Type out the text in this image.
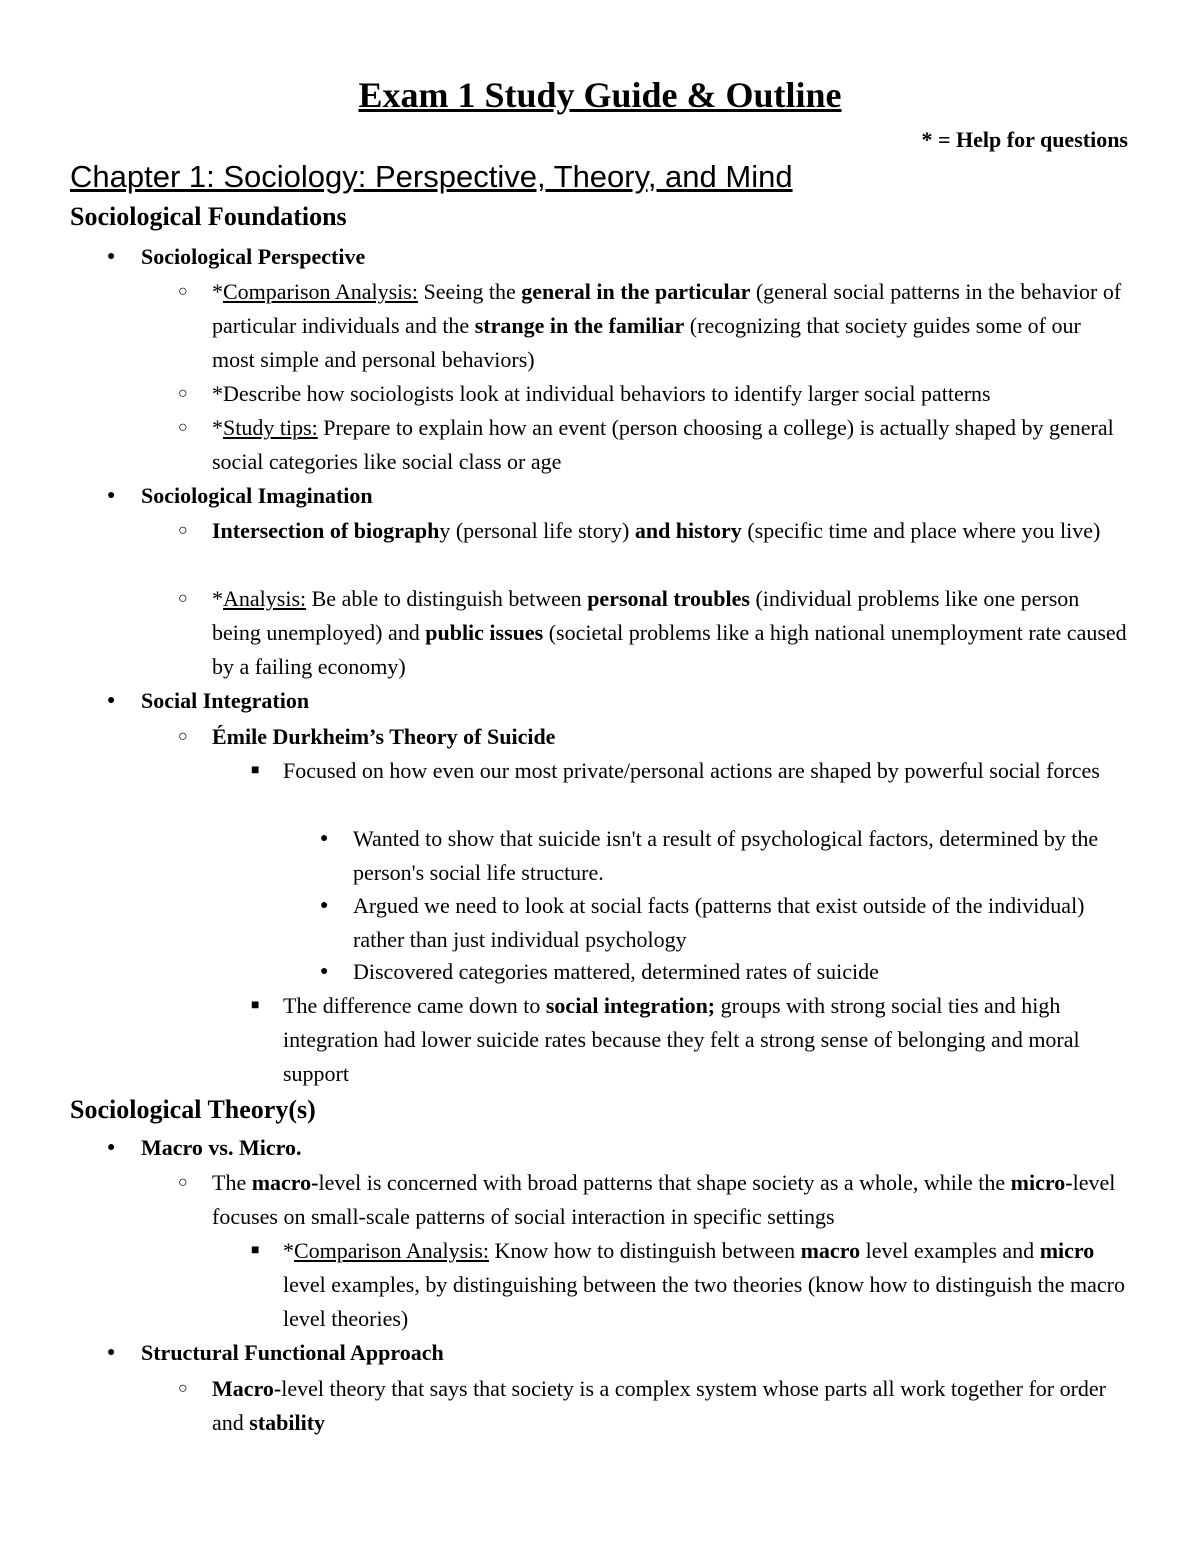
Exam 1 Study Guide & Outline
* = Help for questions
Chapter 1: Sociology: Perspective, Theory, and Mind
Sociological Foundations
● Sociological Perspective
○ *Comparison Analysis: Seeing the general in the particular (general social patterns in the behavior of particular individuals and the strange in the familiar (recognizing that society guides some of our most simple and personal behaviors)
○ *Describe how sociologists look at individual behaviors to identify larger social patterns
○ *Study tips: Prepare to explain how an event (person choosing a college) is actually shaped by general social categories like social class or age
● Sociological Imagination
○ Intersection of biography (personal life story) and history (specific time and place where you live)
○ *Analysis: Be able to distinguish between personal troubles (individual problems like one person being unemployed) and public issues (societal problems like a high national unemployment rate caused by a failing economy)
● Social Integration
○ Émile Durkheim’s Theory of Suicide
■ Focused on how even our most private/personal actions are shaped by powerful social forces
● Wanted to show that suicide isn't a result of psychological factors, determined by the person's social life structure.
● Argued we need to look at social facts (patterns that exist outside of the individual) rather than just individual psychology
● Discovered categories mattered, determined rates of suicide
■ The difference came down to social integration; groups with strong social ties and high integration had lower suicide rates because they felt a strong sense of belonging and moral support
Sociological Theory(s)
● Macro vs. Micro.
○ The macro-level is concerned with broad patterns that shape society as a whole, while the micro-level focuses on small-scale patterns of social interaction in specific settings
■ *Comparison Analysis: Know how to distinguish between macro level examples and micro level examples, by distinguishing between the two theories (know how to distinguish the macro level theories)
● Structural Functional Approach
○ Macro-level theory that says that society is a complex system whose parts all work together for order and stability
